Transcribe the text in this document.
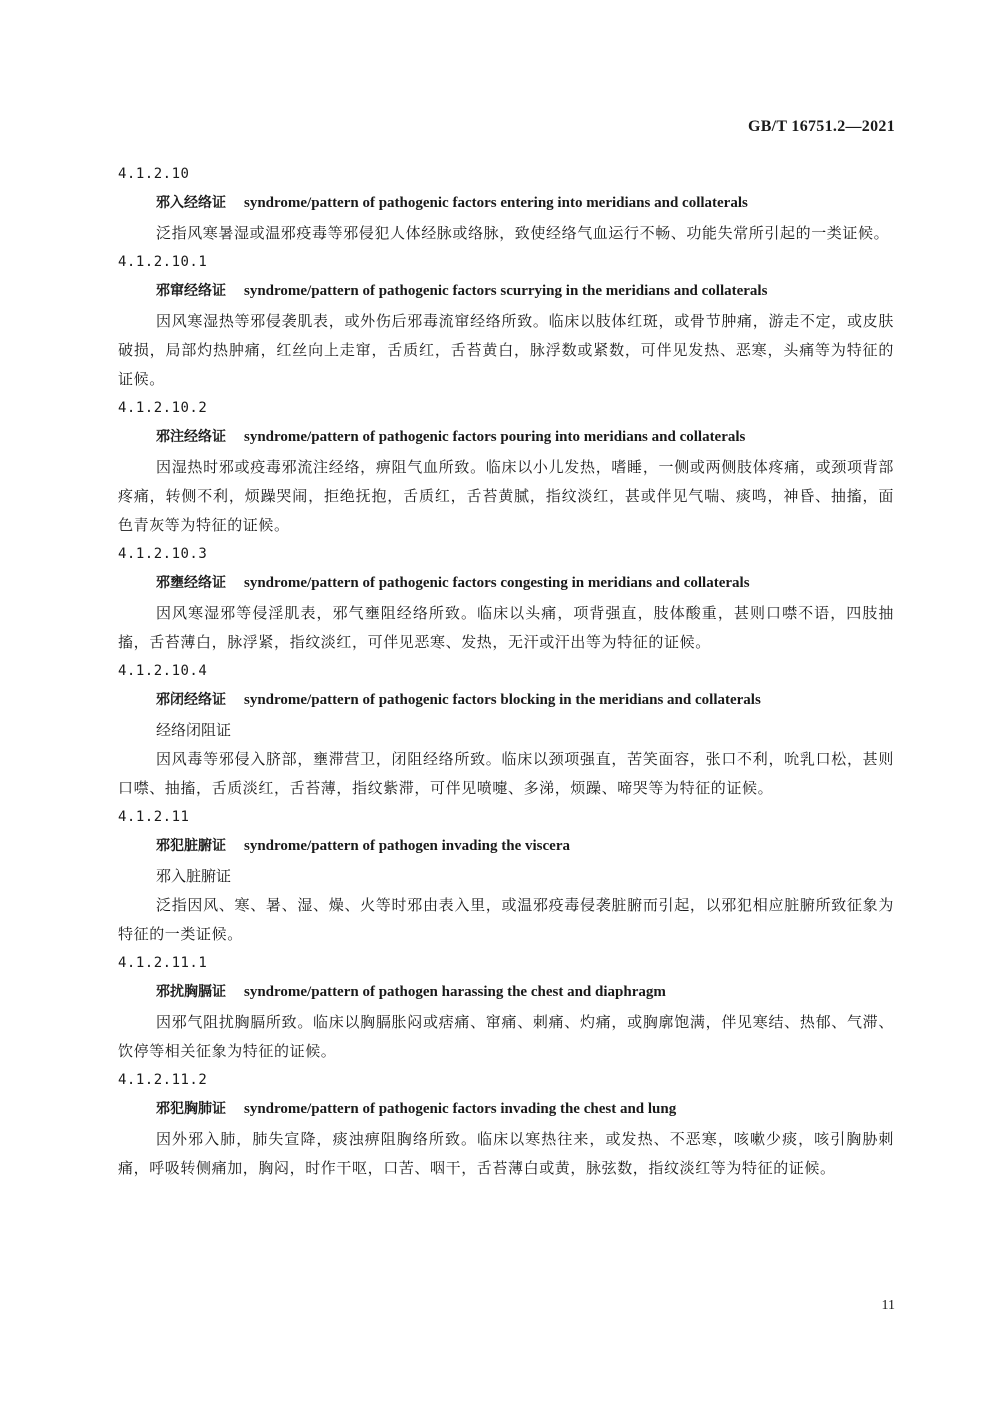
GB/T 16751.2—2021
4.1.2.10
邪入经络证 syndrome/pattern of pathogenic factors entering into meridians and collaterals
泛指风寒暑湿或温邪疫毒等邪侵犯人体经脉或络脉，致使经络气血运行不畅、功能失常所引起的一类证候。
4.1.2.10.1
邪窜经络证 syndrome/pattern of pathogenic factors scurrying in the meridians and collaterals
因风寒湿热等邪侵袭肌表，或外伤后邪毒流窜经络所致。临床以肢体红斑，或骨节肿痛，游走不定，或皮肤破损，局部灼热肿痛，红丝向上走窜，舌质红，舌苔黄白，脉浮数或紧数，可伴见发热、恶寒，头痛等为特征的证候。
4.1.2.10.2
邪注经络证 syndrome/pattern of pathogenic factors pouring into meridians and collaterals
因湿热时邪或疫毒邪流注经络，痹阻气血所致。临床以小儿发热，嗜睡，一侧或两侧肢体疼痛，或颈项背部疼痛，转侧不利，烦躁哭闹，拒绝抚抱，舌质红，舌苔黄腻，指纹淡红，甚或伴见气喘、痰鸣，神昏、抽搐，面色青灰等为特征的证候。
4.1.2.10.3
邪壅经络证 syndrome/pattern of pathogenic factors congesting in meridians and collaterals
因风寒湿邪等侵淫肌表，邪气壅阻经络所致。临床以头痛，项背强直，肢体酸重，甚则口噤不语，四肢抽搐，舌苔薄白，脉浮紧，指纹淡红，可伴见恶寒、发热，无汗或汗出等为特征的证候。
4.1.2.10.4
邪闭经络证 syndrome/pattern of pathogenic factors blocking in the meridians and collaterals
经络闭阻证
因风毒等邪侵入脐部，壅滞营卫，闭阻经络所致。临床以颈项强直，苦笑面容，张口不利，吮乳口松，甚则口噤、抽搐，舌质淡红，舌苔薄，指纹紫滞，可伴见喷嚏、多涕，烦躁、啼哭等为特征的证候。
4.1.2.11
邪犯脏腑证 syndrome/pattern of pathogen invading the viscera
邪入脏腑证
泛指因风、寒、暑、湿、燥、火等时邪由表入里，或温邪疫毒侵袭脏腑而引起，以邪犯相应脏腑所致征象为特征的一类证候。
4.1.2.11.1
邪扰胸膈证 syndrome/pattern of pathogen harassing the chest and diaphragm
因邪气阻扰胸膈所致。临床以胸膈胀闷或痞痛、窜痛、刺痛、灼痛，或胸廓饱满，伴见寒结、热郁、气滞、饮停等相关征象为特征的证候。
4.1.2.11.2
邪犯胸肺证 syndrome/pattern of pathogenic factors invading the chest and lung
因外邪入肺，肺失宣降，痰浊痹阻胸络所致。临床以寒热往来，或发热、不恶寒，咳嗽少痰，咳引胸胁刺痛，呼吸转侧痛加，胸闷，时作干呕，口苦、咽干，舌苔薄白或黄，脉弦数，指纹淡红等为特征的证候。
11
